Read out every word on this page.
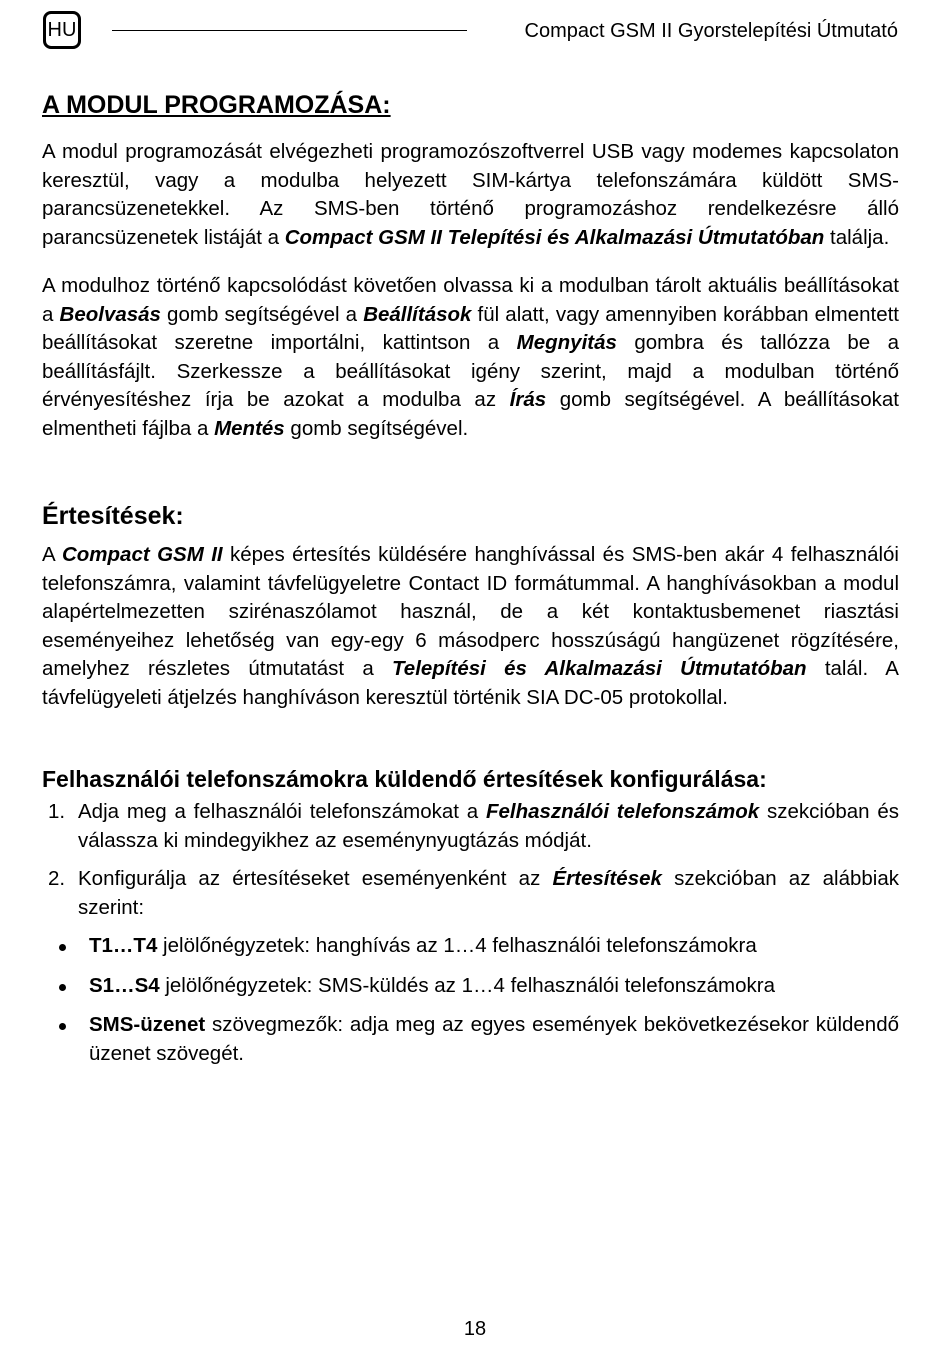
HU	Compact GSM II Gyorstelepítési Útmutató
A MODUL PROGRAMOZÁSA:

A modul programozását elvégezheti programozószoftverrel USB vagy modemes kapcsolaton keresztül, vagy a modulba helyezett SIM-kártya telefonszámára küldött SMS-parancsüzenetekkel. Az SMS-ben történő programozáshoz rendelkezésre álló parancsüzenetek listáját a Compact GSM II Telepítési és Alkalmazási Útmutatóban találja.

A modulhoz történő kapcsolódást követően olvassa ki a modulban tárolt aktuális beállításokat a Beolvasás gomb segítségével a Beállítások fül alatt, vagy amennyiben korábban elmentett beállításokat szeretne importálni, kattintson a Megnyitás gombra és tallózza be a beállításfájlt. Szerkessze a beállításokat igény szerint, majd a modulban történő érvényesítéshez írja be azokat a modulba az Írás gomb segítségével. A beállításokat elmentheti fájlba a Mentés gomb segítségével.

Értesítések:

A Compact GSM II képes értesítés küldésére hanghívással és SMS-ben akár 4 felhasználói telefonszámra, valamint távfelügyeletre Contact ID formátummal. A hanghívásokban a modul alapértelmezetten szirénaszólamot használ, de a két kontaktusbemenet riasztási eseményeihez lehetőség van egy-egy 6 másodperc hosszúságú hangüzenet rögzítésére, amelyhez részletes útmutatást a Telepítési és Alkalmazási Útmutatóban talál. A távfelügyeleti átjelzés hanghíváson keresztül történik SIA DC-05 protokollal.

Felhasználói telefonszámokra küldendő értesítések konfigurálása:
1. Adja meg a felhasználói telefonszámokat a Felhasználói telefonszámok szekcióban és válassza ki mindegyikhez az eseménynyugtázás módját.
2. Konfigurálja az értesítéseket eseményenként az Értesítések szekcióban az alábbiak szerint:
T1…T4 jelölőnégyzetek: hanghívás az 1…4 felhasználói telefonszámokra
S1…S4 jelölőnégyzetek: SMS-küldés az 1…4 felhasználói telefonszámokra
SMS-üzenet szövegmezők: adja meg az egyes események bekövetkezésekor küldendő üzenet szövegét.
18
